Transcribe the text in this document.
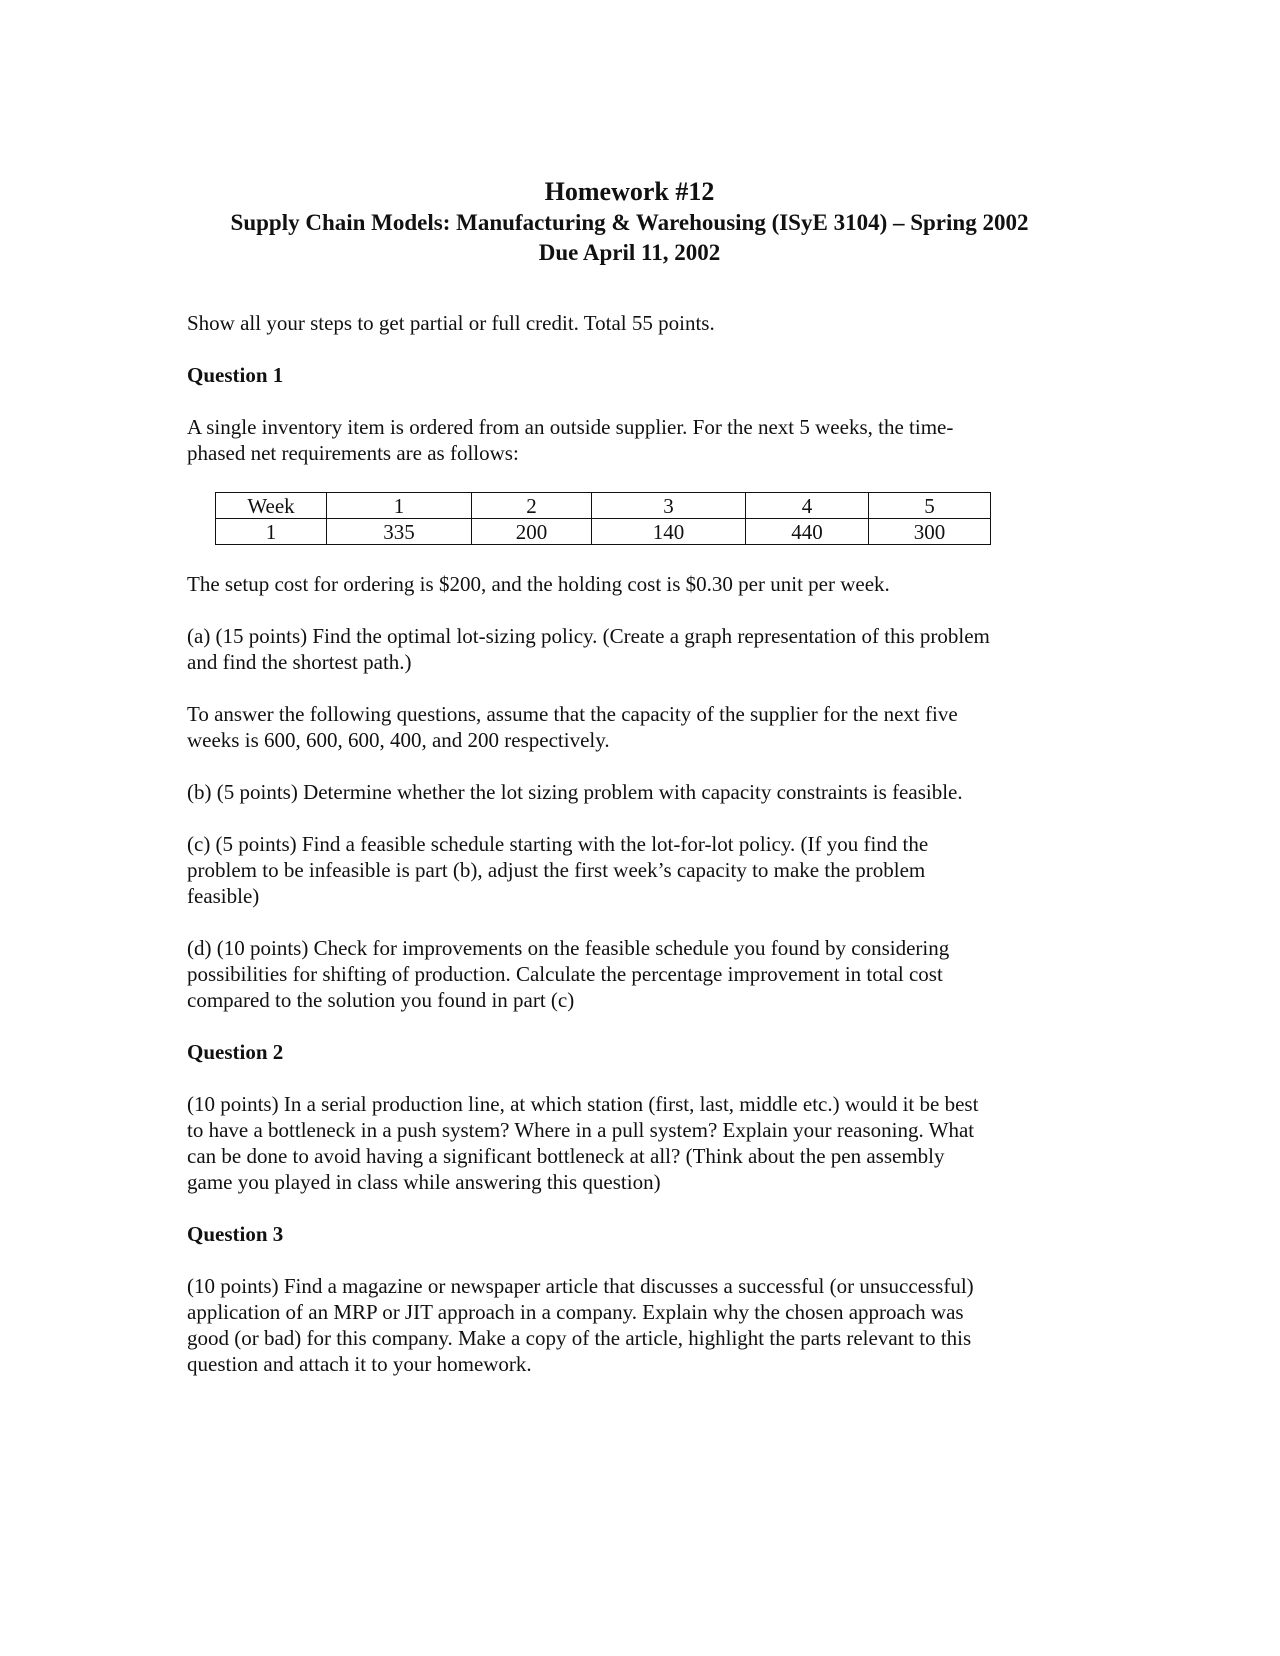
Homework #12
Supply Chain Models: Manufacturing & Warehousing (ISyE 3104) – Spring 2002
Due April 11, 2002

Show all your steps to get partial or full credit. Total 55 points.

Question 1

A single inventory item is ordered from an outside supplier. For the next 5 weeks, the time-

phased net requirements are as follows:

Week	1	2	3	4	5
1	335	200	140	440	300

The setup cost for ordering is $200, and the holding cost is $0.30 per unit per week.

(a) (15 points) Find the optimal lot-sizing policy. (Create a graph representation of this problem

and find the shortest path.)

To answer the following questions, assume that the capacity of the supplier for the next five

weeks is 600, 600, 600, 400, and 200 respectively.

(b) (5 points) Determine whether the lot sizing problem with capacity constraints is feasible.

(c) (5 points) Find a feasible schedule starting with the lot-for-lot policy. (If you find the

problem to be infeasible is part (b), adjust the first week’s capacity to make the problem

feasible)

(d) (10 points) Check for improvements on the feasible schedule you found by considering

possibilities for shifting of production. Calculate the percentage improvement in total cost

compared to the solution you found in part (c)

Question 2

(10 points) In a serial production line, at which station (first, last, middle etc.) would it be best

to have a bottleneck in a push system? Where in a pull system? Explain your reasoning. What

can be done to avoid having a significant bottleneck at all? (Think about the pen assembly

game you played in class while answering this question)

Question 3

(10 points) Find a magazine or newspaper article that discusses a successful (or unsuccessful)

application of an MRP or JIT approach in a company. Explain why the chosen approach was

good (or bad) for this company. Make a copy of the article, highlight the parts relevant to this

question and attach it to your homework.
